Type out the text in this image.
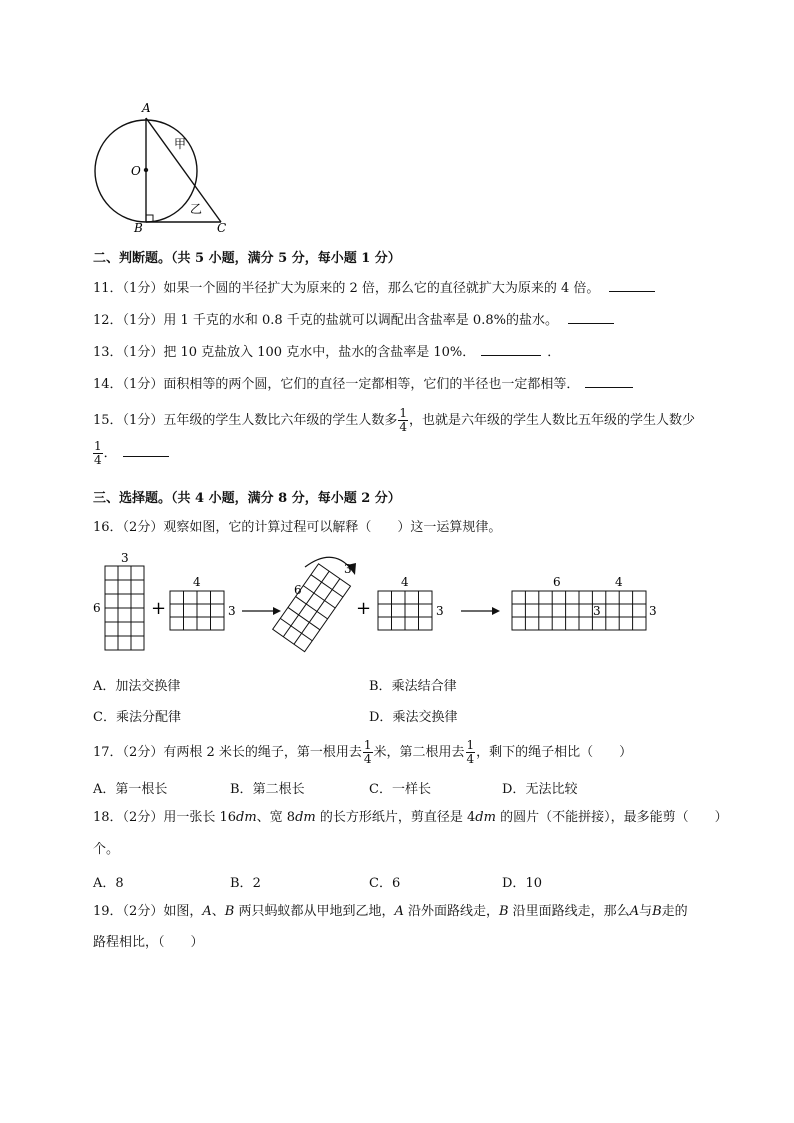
A
O
B	C
甲
乙
二、判断题。（共 5 小题，满分 5 分，每小题 1 分）
11．（1分）如果一个圆的半径扩大为原来的 2 倍，那么它的直径就扩大为原来的 4 倍。
12．（1分）用 1 千克的水和 0.8 千克的盐就可以调配出含盐率是 0.8%的盐水。
13．（1分）把 10 克盐放入 100 克水中，盐水的含盐率是 10%．	．
14．（1分）面积相等的两个圆，它们的直径一定都相等，它们的半径也一定都相等．
15．（1分）五年级的学生人数比六年级的学生人数多 $\frac{1}{4}$ ，也就是六年级的学生人数比五年级的学生人数少
$\frac{1}{4}$ ．
三、选择题。（共 4 小题，满分 8 分，每小题 2 分）
16．（2分）观察如图，它的计算过程可以解释（　　）这一运算规律。
3
6	+
4
3
3
6
+
4
3
6	4
3	3
A．加法交换律	B．乘法结合律
C．乘法分配律	D．乘法交换律
17．（2分）有两根 2 米长的绳子，第一根用去 $\frac{1}{4}$ 米，第二根用去 $\frac{1}{4}$ ，剩下的绳子相比（　　）
A．第一根长	B．第二根长	C．一样长	D．无法比较
18．（2分）用一张长 16dm、宽 8dm 的长方形纸片，剪直径是 4dm 的圆片（不能拼接），最多能剪（　　）
个。
A．8	B．2	C．6	D．10
19．（2分）如图，A、B 两只蚂蚁都从甲地到乙地，A 沿外面路线走，B 沿里面路线走，那么A与B走的
路程相比，（　　）
